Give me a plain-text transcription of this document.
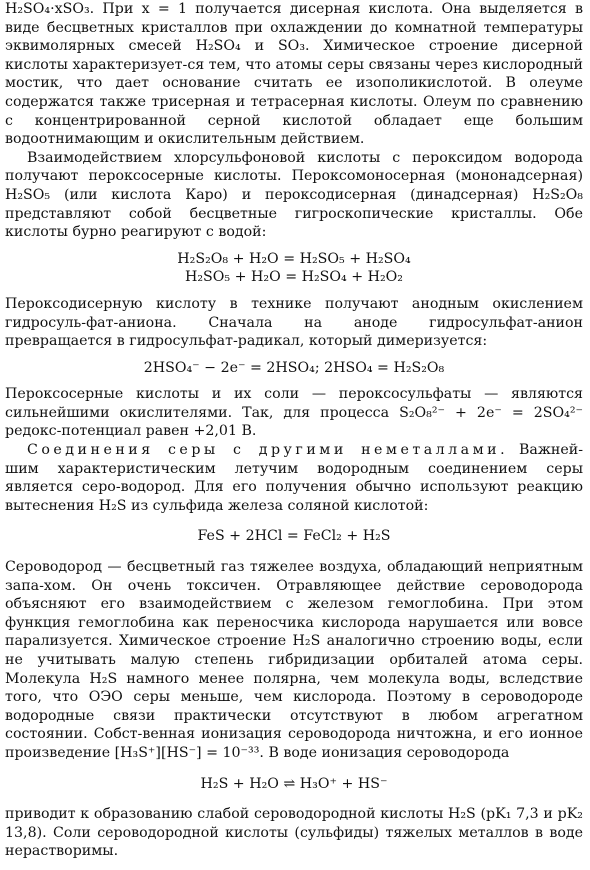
H₂SO₄·xSO₃. При x = 1 получается дисерная кислота. Она выделяется в виде бесцветных кристаллов при охлаждении до комнатной температуры эквимолярных смесей H₂SO₄ и SO₃. Химическое строение дисерной кислоты характеризует-ся тем, что атомы серы связаны через кислородный мостик, что дает основание считать ее изополикислотой. В олеуме содержатся также трисерная и тетрасерная кислоты. Олеум по сравнению с концентрированной серной кислотой обладает еще большим водоотнимающим и окислительным действием.

Взаимодействием хлорсульфоновой кислоты с пероксидом водорода получают пероксосерные кислоты. Пероксомоносерная (мононадсерная) H₂SO₅ (или кислота Каро) и пероксодисерная (динадсерная) H₂S₂O₈ представляют собой бесцветные гигроскопические кристаллы. Обе кислоты бурно реагируют с водой:

H₂S₂O₈ + H₂O = H₂SO₅ + H₂SO₄

H₂SO₅ + H₂O = H₂SO₄ + H₂O₂

Пероксодисерную кислоту в технике получают анодным окислением гидросуль-фат-аниона. Сначала на аноде гидросульфат-анион превращается в гидросульфат-радикал, который димеризуется:

2HSO₄⁻ − 2e⁻ = 2HSO₄; 2HSO₄ = H₂S₂O₈

Пероксосерные кислоты и их соли — пероксосульфаты — являются сильнейшими окислителями. Так, для процесса S₂O₈²⁻ + 2e⁻ = 2SO₄²⁻ редокс-потенциал равен +2,01 В.

Соединения серы с другими неметаллами. Важней-шим характеристическим летучим водородным соединением серы является серо-водород. Для его получения обычно используют реакцию вытеснения H₂S из сульфида железа соляной кислотой:

FeS + 2HCl = FeCl₂ + H₂S

Сероводород — бесцветный газ тяжелее воздуха, обладающий неприятным запа-хом. Он очень токсичен. Отравляющее действие сероводорода объясняют его взаимодействием с железом гемоглобина. При этом функция гемоглобина как переносчика кислорода нарушается или вовсе парализуется. Химическое строение H₂S аналогично строению воды, если не учитывать малую степень гибридизации орбиталей атома серы. Молекула H₂S намного менее полярна, чем молекула воды, вследствие того, что ОЭО серы меньше, чем кислорода. Поэтому в сероводороде водородные связи практически отсутствуют в любом агрегатном состоянии. Собст-венная ионизация сероводорода ничтожна, и его ионное произведение [H₃S⁺][HS⁻] = 10⁻³³. В воде ионизация сероводорода

H₂S + H₂O ⇌ H₃O⁺ + HS⁻

приводит к образованию слабой сероводородной кислоты H₂S (pK₁ 7,3 и pK₂ 13,8). Соли сероводородной кислоты (сульфиды) тяжелых металлов в воде нерастворимы.
